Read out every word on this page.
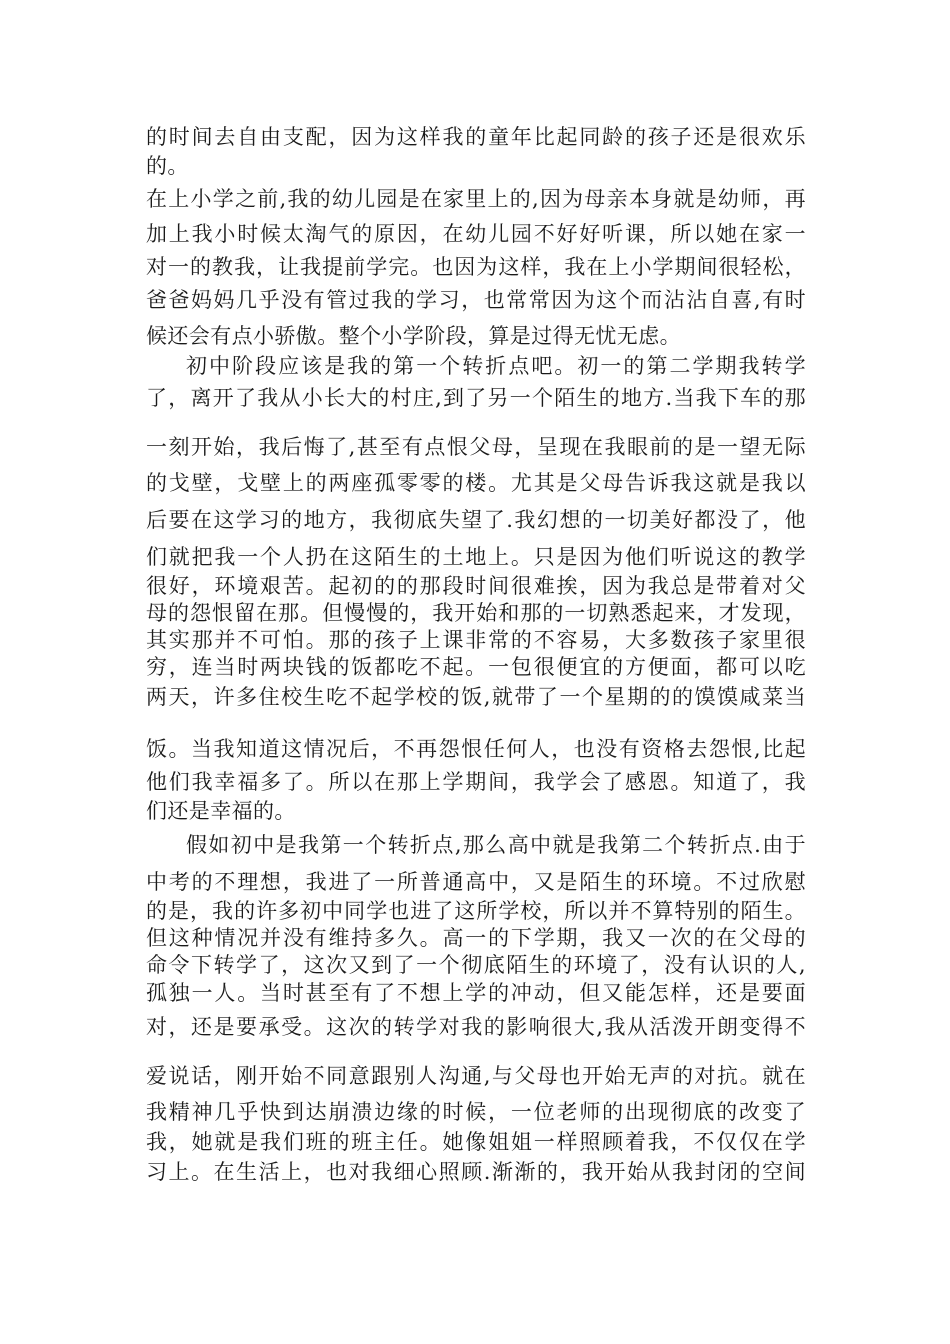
的时间去自由支配，因为这样我的童年比起同龄的孩子还是很欢乐
的。
在上小学之前,我的幼儿园是在家里上的,因为母亲本身就是幼师，再
加上我小时候太淘气的原因，在幼儿园不好好听课，所以她在家一
对一的教我，让我提前学完。也因为这样，我在上小学期间很轻松，
爸爸妈妈几乎没有管过我的学习，也常常因为这个而沾沾自喜,有时
候还会有点小骄傲。整个小学阶段，算是过得无忧无虑。
初中阶段应该是我的第一个转折点吧。初一的第二学期我转学
了，离开了我从小长大的村庄,到了另一个陌生的地方.当我下车的那
一刻开始，我后悔了,甚至有点恨父母，呈现在我眼前的是一望无际
的戈壁，戈壁上的两座孤零零的楼。尤其是父母告诉我这就是我以
后要在这学习的地方，我彻底失望了.我幻想的一切美好都没了，他
们就把我一个人扔在这陌生的土地上。只是因为他们听说这的教学
很好，环境艰苦。起初的的那段时间很难挨，因为我总是带着对父
母的怨恨留在那。但慢慢的，我开始和那的一切熟悉起来，才发现，
其实那并不可怕。那的孩子上课非常的不容易，大多数孩子家里很
穷，连当时两块钱的饭都吃不起。一包很便宜的方便面，都可以吃
两天，许多住校生吃不起学校的饭,就带了一个星期的的馍馍咸菜当
饭。当我知道这情况后，不再怨恨任何人，也没有资格去怨恨,比起
他们我幸福多了。所以在那上学期间，我学会了感恩。知道了，我
们还是幸福的。
假如初中是我第一个转折点,那么高中就是我第二个转折点.由于
中考的不理想，我进了一所普通高中，又是陌生的环境。不过欣慰
的是，我的许多初中同学也进了这所学校，所以并不算特别的陌生。
但这种情况并没有维持多久。高一的下学期，我又一次的在父母的
命令下转学了，这次又到了一个彻底陌生的环境了，没有认识的人,
孤独一人。当时甚至有了不想上学的冲动，但又能怎样，还是要面
对，还是要承受。这次的转学对我的影响很大,我从活泼开朗变得不
爱说话，刚开始不同意跟别人沟通,与父母也开始无声的对抗。就在
我精神几乎快到达崩溃边缘的时候，一位老师的出现彻底的改变了
我，她就是我们班的班主任。她像姐姐一样照顾着我，不仅仅在学
习上。在生活上，也对我细心照顾.渐渐的，我开始从我封闭的空间
